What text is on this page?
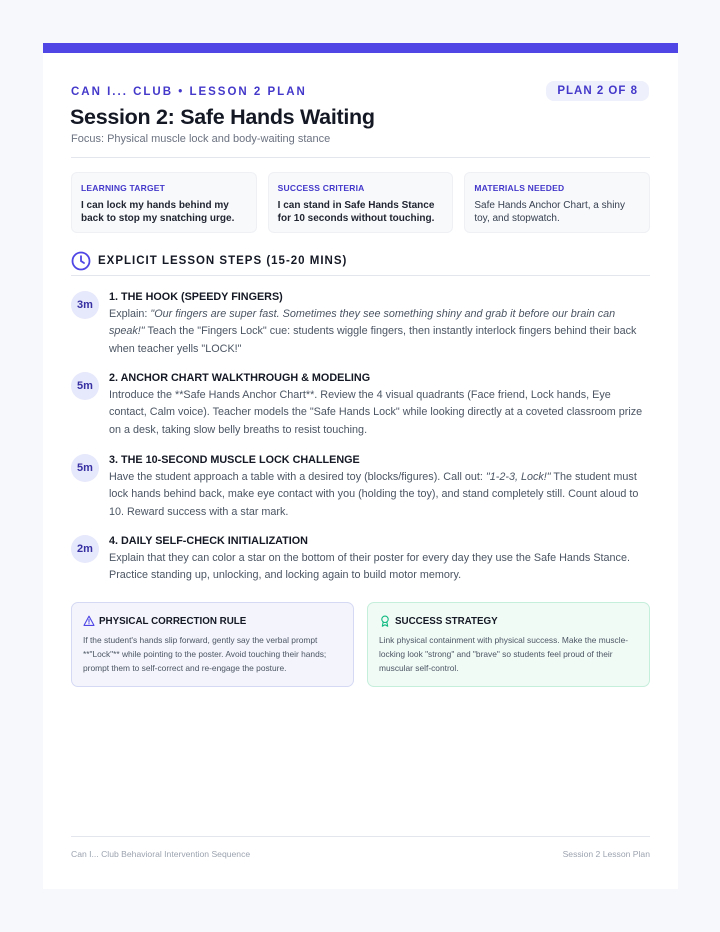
CAN I... CLUB • LESSON 2 PLAN	PLAN 2 OF 8
Session 2: Safe Hands Waiting
Focus: Physical muscle lock and body-waiting stance
LEARNING TARGET
I can lock my hands behind my back to stop my snatching urge.
SUCCESS CRITERIA
I can stand in Safe Hands Stance for 10 seconds without touching.
MATERIALS NEEDED
Safe Hands Anchor Chart, a shiny toy, and stopwatch.
EXPLICIT LESSON STEPS (15-20 MINS)
3m
1. THE HOOK (SPEEDY FINGERS)
Explain: "Our fingers are super fast. Sometimes they see something shiny and grab it before our brain can speak!" Teach the "Fingers Lock" cue: students wiggle fingers, then instantly interlock fingers behind their back when teacher yells "LOCK!"
5m
2. ANCHOR CHART WALKTHROUGH & MODELING
Introduce the **Safe Hands Anchor Chart**. Review the 4 visual quadrants (Face friend, Lock hands, Eye contact, Calm voice). Teacher models the "Safe Hands Lock" while looking directly at a coveted classroom prize on a desk, taking slow belly breaths to resist touching.
5m
3. THE 10-SECOND MUSCLE LOCK CHALLENGE
Have the student approach a table with a desired toy (blocks/figures). Call out: "1-2-3, Lock!" The student must lock hands behind back, make eye contact with you (holding the toy), and stand completely still. Count aloud to 10. Reward success with a star mark.
2m
4. DAILY SELF-CHECK INITIALIZATION
Explain that they can color a star on the bottom of their poster for every day they use the Safe Hands Stance. Practice standing up, unlocking, and locking again to build motor memory.
PHYSICAL CORRECTION RULE
If the student's hands slip forward, gently say the verbal prompt **"Lock"** while pointing to the poster. Avoid touching their hands; prompt them to self-correct and re-engage the posture.
SUCCESS STRATEGY
Link physical containment with physical success. Make the muscle-locking look "strong" and "brave" so students feel proud of their muscular self-control.
Can I... Club Behavioral Intervention Sequence	Session 2 Lesson Plan
